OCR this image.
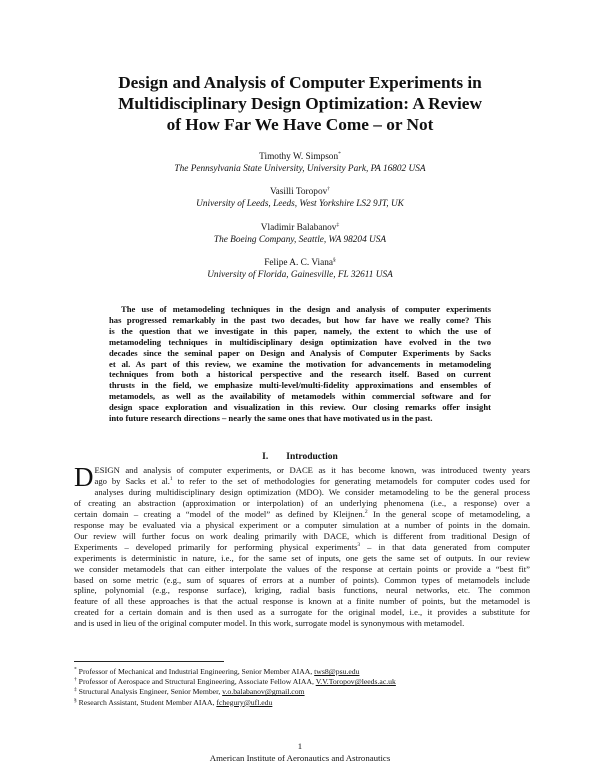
Design and Analysis of Computer Experiments in
Multidisciplinary Design Optimization: A Review
of How Far We Have Come – or Not
Timothy W. Simpson*
The Pennsylvania State University, University Park, PA 16802 USA
Vasilli Toropov†
University of Leeds, Leeds, West Yorkshire LS2 9JT, UK
Vladimir Balabanov‡
The Boeing Company, Seattle, WA 98204 USA
Felipe A. C. Viana§
University of Florida, Gainesville, FL 32611 USA
The use of metamodeling techniques in the design and analysis of computer experiments
has progressed remarkably in the past two decades, but how far have we really come? This
is the question that we investigate in this paper, namely, the extent to which the use of
metamodeling techniques in multidisciplinary design optimization have evolved in the two
decades since the seminal paper on Design and Analysis of Computer Experiments by Sacks
et al. As part of this review, we examine the motivation for advancements in metamodeling
techniques from both a historical perspective and the research itself. Based on current
thrusts in the field, we emphasize multi-level/multi-fidelity approximations and ensembles of
metamodels, as well as the availability of metamodels within commercial software and for
design space exploration and visualization in this review. Our closing remarks offer insight
into future research directions – nearly the same ones that have motivated us in the past.
I. Introduction
D ESIGN and analysis of computer experiments, or DACE as it has become known, was introduced twenty years
ago by Sacks et al.$^1$ to refer to the set of methodologies for generating metamodels for computer codes used for
analyses during multidisciplinary design optimization (MDO). We consider metamodeling to be the general process
of creating an abstraction (approximation or interpolation) of an underlying phenomena (i.e., a response) over a
certain domain – creating a “model of the model” as defined by Kleijnen.$^2$ In the general scope of metamodeling, a
response may be evaluated via a physical experiment or a computer simulation at a number of points in the domain.
Our review will further focus on work dealing primarily with DACE, which is different from traditional Design of
Experiments – developed primarily for performing physical experiments$^3$ – in that data generated from computer
experiments is deterministic in nature, i.e., for the same set of inputs, one gets the same set of outputs. In our review
we consider metamodels that can either interpolate the values of the response at certain points or provide a “best fit”
based on some metric (e.g., sum of squares of errors at a number of points). Common types of metamodels include
spline, polynomial (e.g., response surface), kriging, radial basis functions, neural networks, etc. The common
feature of all these approaches is that the actual response is known at a finite number of points, but the metamodel is
created for a certain domain and is then used as a surrogate for the original model, i.e., it provides a substitute for
and is used in lieu of the original computer model. In this work, surrogate model is synonymous with metamodel.
* Professor of Mechanical and Industrial Engineering, Senior Member AIAA, tws8@psu.edu
† Professor of Aerospace and Structural Engineering, Associate Fellow AIAA, V.V.Toropov@leeds.ac.uk
‡ Structural Analysis Engineer, Senior Member, v.o.balabanov@gmail.com
§ Research Assistant, Student Member AIAA, fchegury@ufl.edu
1
American Institute of Aeronautics and Astronautics
